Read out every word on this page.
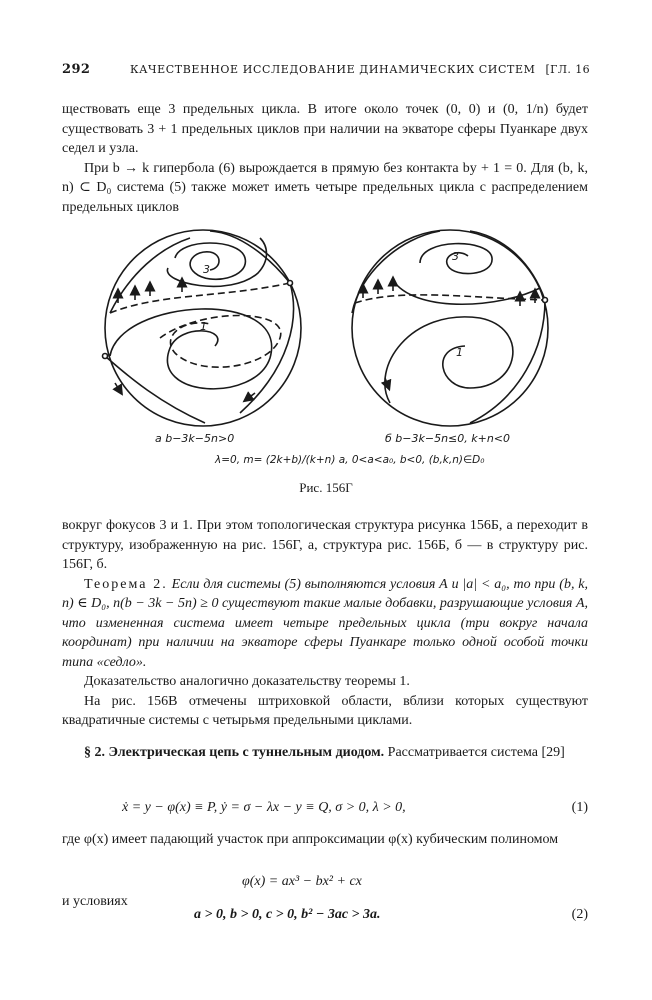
292	КАЧЕСТВЕННОЕ ИССЛЕДОВАНИЕ ДИНАМИЧЕСКИХ СИСТЕМ [ГЛ. 16

ществовать еще 3 предельных цикла. В итоге около точек (0, 0) и (0, 1/n) будет существовать 3 + 1 предельных циклов при наличии на экваторе сферы Пуанкаре двух седел и узла.

При b → k гипербола (6) вырождается в прямую без контакта by + 1 = 0. Для (b, k, n) ⊂ D₀ система (5) также может иметь четыре предельных цикла с распределением предельных циклов

3
1
3
1
a b−3k−5n>0	б b−3k−5n≤0, k+n<0
λ=0, m= (2k+b)/(k+n) a, 0<a<a₀, b<0, (b,k,n)∈D₀
Рис. 156Г

вокруг фокусов 3 и 1. При этом топологическая структура рисунка 156Б, а переходит в структуру, изображенную на рис. 156Г, а, структура рис. 156Б, б — в структуру рис. 156Г, б.

Теорема 2. Если для системы (5) выполняются условия А и |a| < a₀, то при (b, k, n) ∈ D₀, n(b − 3k − 5n) ≥ 0 существуют такие малые добавки, разрушающие условия А, что измененная система имеет четыре предельных цикла (три вокруг начала координат) при наличии на экваторе сферы Пуанкаре только одной особой точки типа «седло».

Доказательство аналогично доказательству теоремы 1.

На рис. 156В отмечены штриховкой области, вблизи которых существуют квадратичные системы с четырьмя предельными циклами.

§ 2. Электрическая цепь с туннельным диодом. Рассматривается система [29]

ẋ = y − φ(x) ≡ P, ẏ = σ − λx − y ≡ Q, σ > 0, λ > 0,	(1)

где φ(x) имеет падающий участок при аппроксимации φ(x) кубическим полиномом

φ(x) = ax³ − bx² + cx

и условиях

a > 0, b > 0, c > 0, b² − 3ac > 3a.	(2)
